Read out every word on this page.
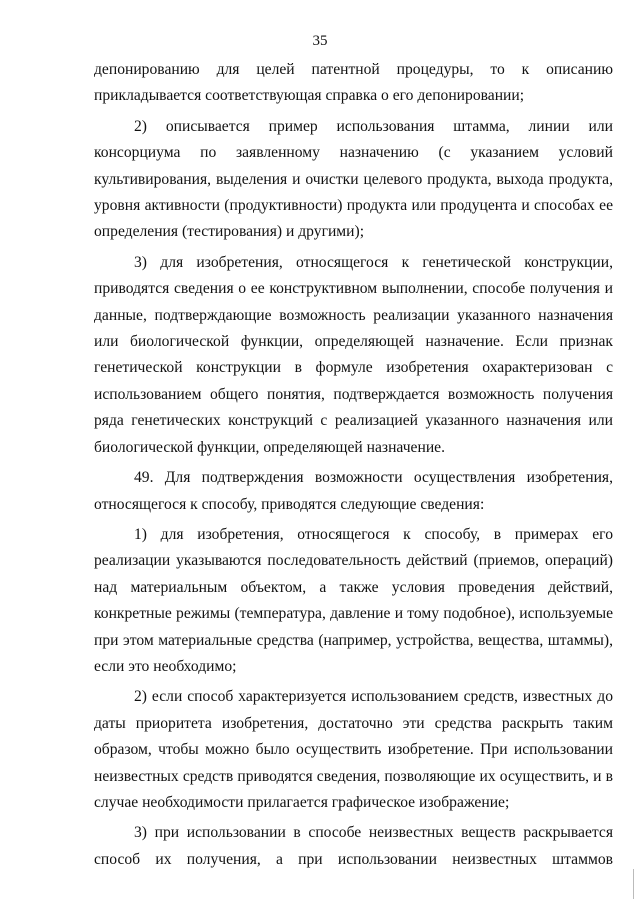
35

депонированию для целей патентной процедуры, то к описанию прикладывается соответствующая справка о его депонировании;

2) описывается пример использования штамма, линии или консорциума по заявленному назначению (с указанием условий культивирования, выделения и очистки целевого продукта, выхода продукта, уровня активности (продуктивности) продукта или продуцента и способах ее определения (тестирования) и другими);

3) для изобретения, относящегося к генетической конструкции, приводятся сведения о ее конструктивном выполнении, способе получения и данные, подтверждающие возможность реализации указанного назначения или биологической функции, определяющей назначение. Если признак генетической конструкции в формуле изобретения охарактеризован с использованием общего понятия, подтверждается возможность получения ряда генетических конструкций с реализацией указанного назначения или биологической функции, определяющей назначение.

49. Для подтверждения возможности осуществления изобретения, относящегося к способу, приводятся следующие сведения:

1) для изобретения, относящегося к способу, в примерах его реализации указываются последовательность действий (приемов, операций) над материальным объектом, а также условия проведения действий, конкретные режимы (температура, давление и тому подобное), используемые при этом материальные средства (например, устройства, вещества, штаммы), если это необходимо;

2) если способ характеризуется использованием средств, известных до даты приоритета изобретения, достаточно эти средства раскрыть таким образом, чтобы можно было осуществить изобретение. При использовании неизвестных средств приводятся сведения, позволяющие их осуществить, и в случае необходимости прилагается графическое изображение;

3) при использовании в способе неизвестных веществ раскрывается способ их получения, а при использовании неизвестных штаммов
